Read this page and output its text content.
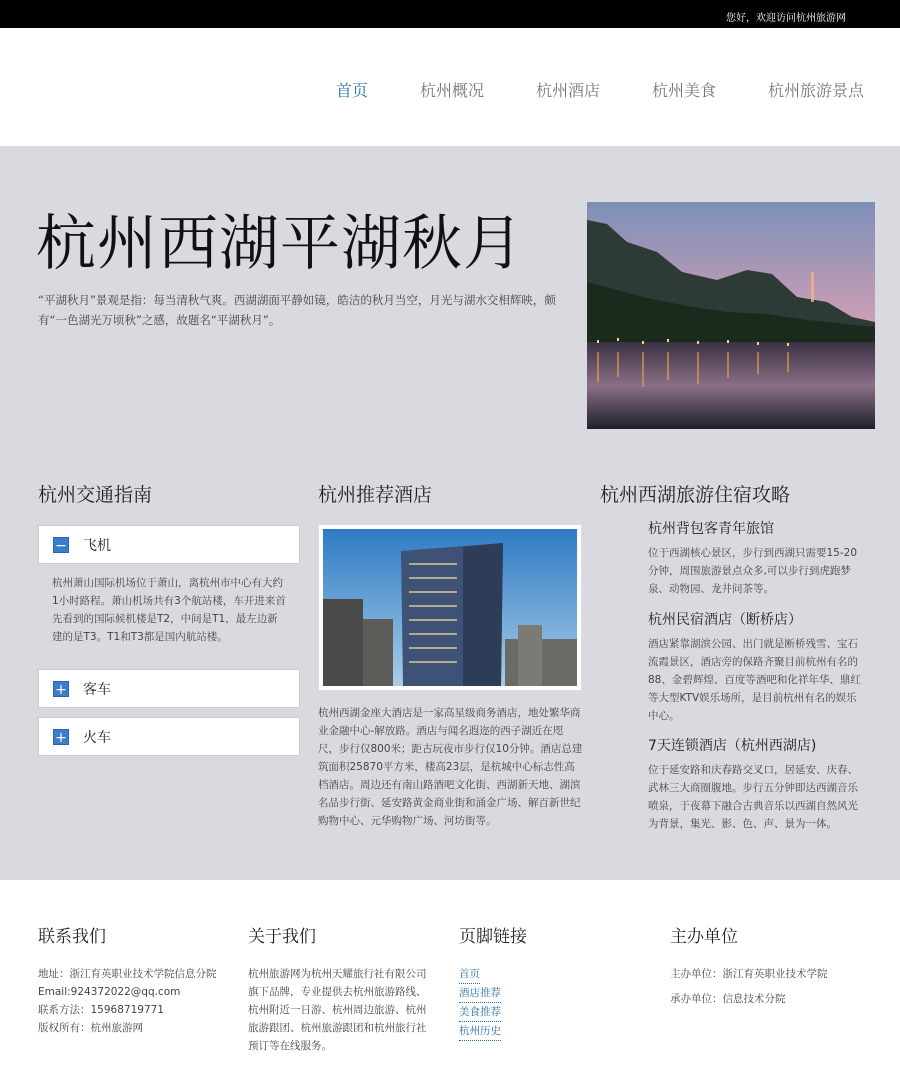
您好，欢迎访问杭州旅游网
首页	杭州概况	杭州酒店	杭州美食	杭州旅游景点
杭州西湖平湖秋月

“平湖秋月”景观是指：每当清秋气爽。西湖湖面平静如镜，皓洁的秋月当空，月光与湖水交相辉映，颇有“一色湖光万顷秋”之感，故题名“平湖秋月”。

杭州交通指南
− 飞机

杭州萧山国际机场位于萧山，离杭州市中心有大约1小时路程。萧山机场共有3个航站楼，车开进来首先看到的国际候机楼是T2，中间是T1，最左边新建的是T3。T1和T3都是国内航站楼。

+ 客车
+ 火车
杭州推荐酒店

杭州西湖金座大酒店是一家高星级商务酒店，地处繁华商业金融中心-解放路。酒店与闻名遐迩的西子湖近在咫尺，步行仅800米；距古玩夜市步行仅10分钟。酒店总建筑面积25870平方米，楼高23层，是杭城中心标志性高档酒店。周边还有南山路酒吧文化街、西湖新天地、湖滨名品步行街、延安路黄金商业街和涌金广场、解百新世纪购物中心、元华购物广场、河坊街等。

杭州西湖旅游住宿攻略
杭州背包客青年旅馆

位于西湖核心景区，步行到西湖只需要15-20分钟，周围旅游景点众多,可以步行到虎跑梦泉、动物园、龙井问茶等。

杭州民宿酒店（断桥店）

酒店紧靠湖滨公园、出门就是断桥残雪、宝石流霞景区，酒店旁的保路齐聚目前杭州有名的88、金碧辉煌、百度等酒吧和化祥年华、鼎红等大型KTV娱乐场所，是目前杭州有名的娱乐中心。

7天连锁酒店（杭州西湖店)

位于延安路和庆春路交叉口，居延安、庆春、武林三大商圈腹地。步行五分钟即达西湖音乐喷泉，于夜幕下融合古典音乐以西湖自然风光为背景，集光、影、色、声、景为一体。

联系我们

地址：浙江育英职业技术学院信息分院

Email:924372022@qq.com

联系方法：15968719771

版权所有：杭州旅游网

关于我们

杭州旅游网为杭州天耀旅行社有限公司旗下品牌，专业提供去杭州旅游路线、杭州附近一日游、杭州周边旅游、杭州旅游跟团、杭州旅游跟团和杭州旅行社预订等在线服务。

页脚链接
首页
酒店推荐
美食推荐
杭州历史
主办单位

主办单位：浙江育英职业技术学院

承办单位：信息技术分院
